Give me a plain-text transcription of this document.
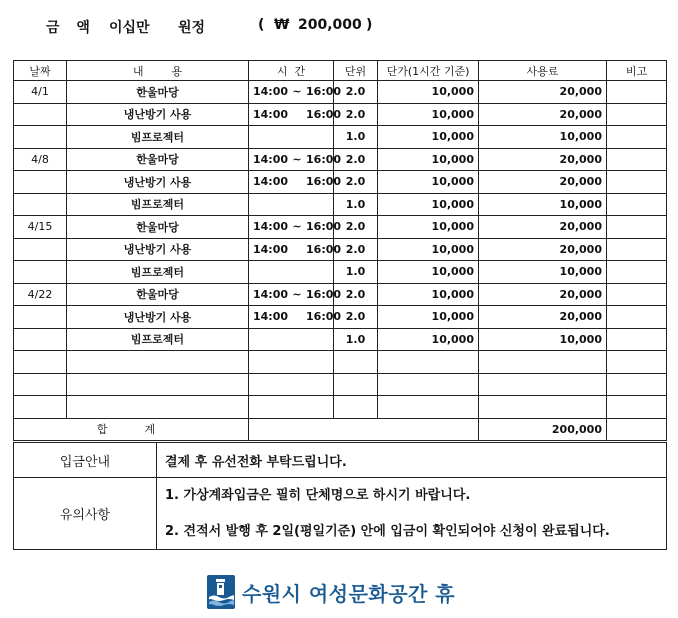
금 액 이십만 원정	( ₩ 200,000 )
날짜	내        용	시  간	단위	단가(1시간 기준)	사용료	비고
4/1	한울마당	14:00 ~ 16:00	2.0	10,000	20,000	
	냉난방기 사용	14:00 16:00	2.0	10,000	20,000	
	빔프로젝터		1.0	10,000	10,000	
4/8	한울마당	14:00 ~ 16:00	2.0	10,000	20,000	
	냉난방기 사용	14:00 16:00	2.0	10,000	20,000	
	빔프로젝터		1.0	10,000	10,000	
4/15	한울마당	14:00 ~ 16:00	2.0	10,000	20,000	
	냉난방기 사용	14:00 16:00	2.0	10,000	20,000	
	빔프로젝터		1.0	10,000	10,000	
4/22	한울마당	14:00 ~ 16:00	2.0	10,000	20,000	
	냉난방기 사용	14:00 16:00	2.0	10,000	20,000	
	빔프로젝터		1.0	10,000	10,000	

합  계					200,000	
입금안내	결제 후 유선전화 부탁드립니다.
유의사항	1. 가상계좌입금은 필히 단체명으로 하시기 바랍니다.

2. 견적서 발행 후 2일(평일기준) 안에 입금이 확인되어야 신청이 완료됩니다.

수원시 여성문화공간 휴
